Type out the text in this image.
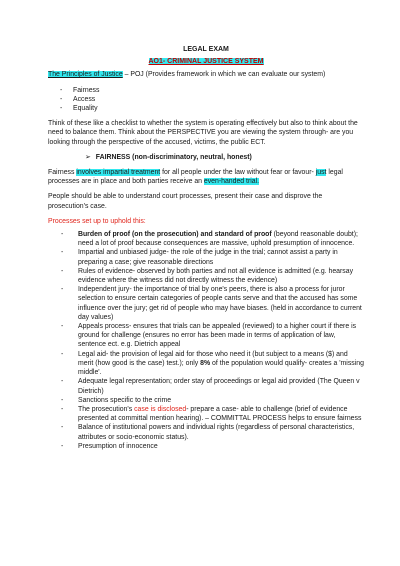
LEGAL EXAM
AO1- CRIMINAL JUSTICE SYSTEM

The Principles of Justice – POJ (Provides framework in which we can evaluate our system)

- Fairness
- Access
- Equality

Think of these like a checklist to whether the system is operating effectively but also to think about the need to balance them. Think about the PERSPECTIVE you are viewing the system through- are you looking through the perspective of the accused, victims, the public ECT.

➢ FAIRNESS (non-discriminatory, neutral, honest)

Fairness involves impartial treatment for all people under the law without fear or favour- just legal processes are in place and both parties receive an even-handed trial.

People should be able to understand court processes, present their case and disprove the prosecution's case.

Processes set up to uphold this:
- Burden of proof (on the prosecution) and standard of proof (beyond reasonable doubt); need a lot of proof because consequences are massive, uphold presumption of innocence.
- Impartial and unbiased judge- the role of the judge in the trial; cannot assist a party in preparing a case; give reasonable directions
- Rules of evidence- observed by both parties and not all evidence is admitted (e.g. hearsay evidence where the witness did not directly witness the evidence)
- Independent jury- the importance of trial by one's peers, there is also a process for juror selection to ensure certain categories of people cants serve and that the accused has some influence over the jury; get rid of people who may have biases. (held in accordance to current day values)
- Appeals process- ensures that trials can be appealed (reviewed) to a higher court if there is ground for challenge (ensures no error has been made in terms of application of law, sentence ect. e.g. Dietrich appeal
- Legal aid- the provision of legal aid for those who need it (but subject to a means ($) and merit (how good is the case) test.); only 8% of the population would qualify- creates a 'missing middle'.
- Adequate legal representation; order stay of proceedings or legal aid provided (The Queen v Dietrich)
- Sanctions specific to the crime
- The prosecution's case is disclosed- prepare a case- able to challenge (brief of evidence presented at committal mention hearing). – COMMITTAL PROCESS helps to ensure fairness
- Balance of institutional powers and individual rights (regardless of personal characteristics, attributes or socio-economic status).
- Presumption of innocence
